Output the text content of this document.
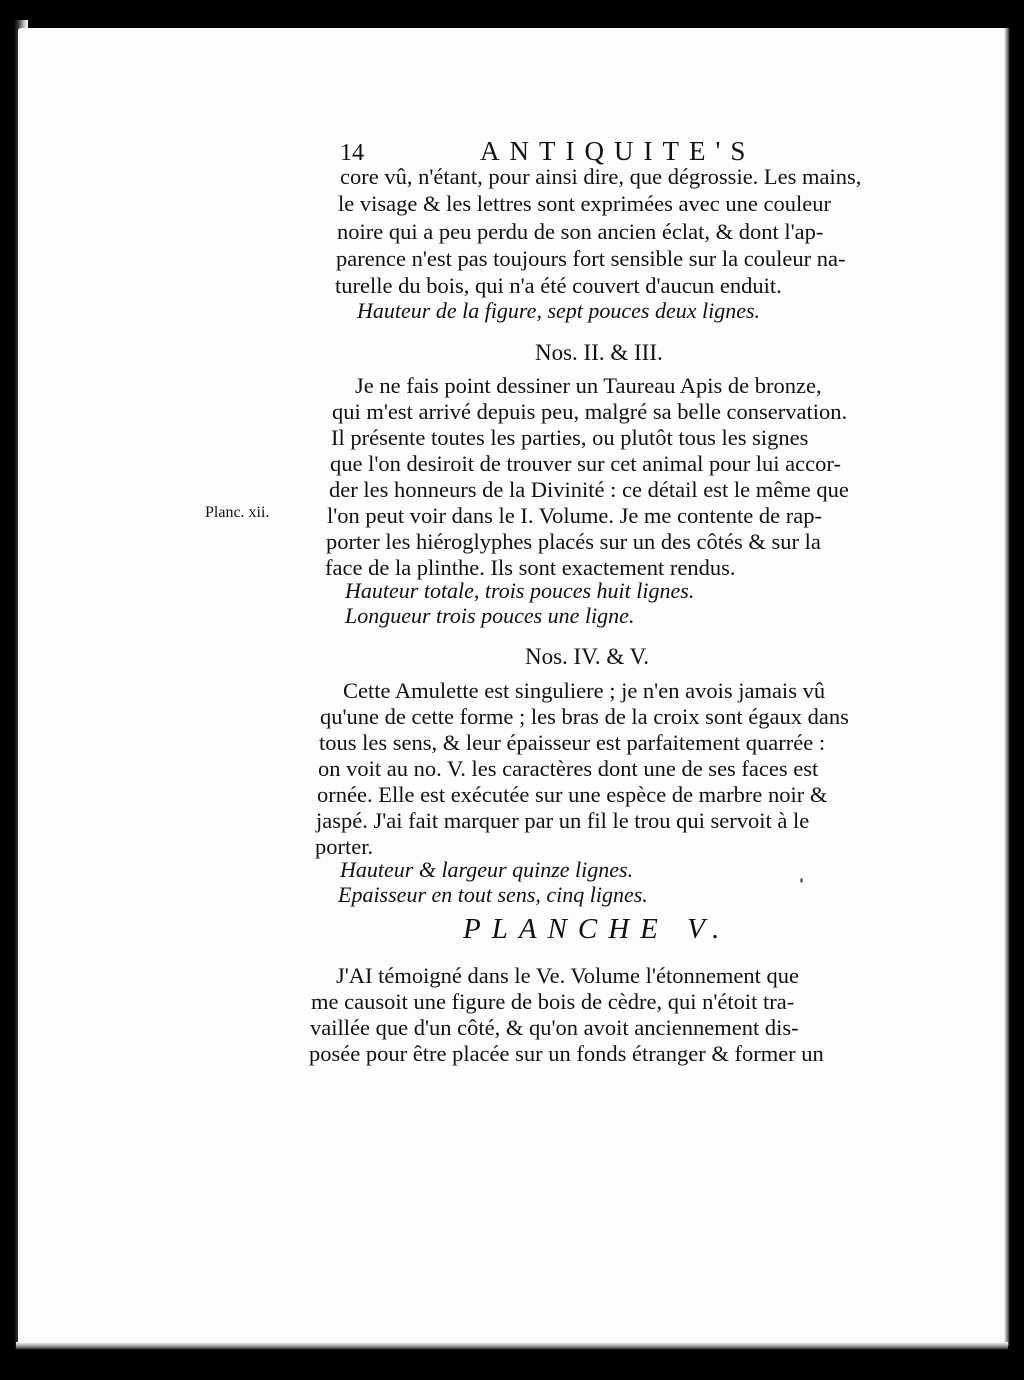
14	ANTIQUITE'S
Planc. xii.
core vû, n'étant, pour ainsi dire, que dégrossie. Les mains,
le visage & les lettres sont exprimées avec une couleur
noire qui a peu perdu de son ancien éclat, & dont l'ap-
parence n'est pas toujours fort sensible sur la couleur na-
turelle du bois, qui n'a été couvert d'aucun enduit.
Hauteur de la figure, sept pouces deux lignes.
Nos. II. & III.
Je ne fais point dessiner un Taureau Apis de bronze,
qui m'est arrivé depuis peu, malgré sa belle conservation.
Il présente toutes les parties, ou plutôt tous les signes
que l'on desiroit de trouver sur cet animal pour lui accor-
der les honneurs de la Divinité : ce détail est le même que
l'on peut voir dans le I. Volume. Je me contente de rap-
porter les hiéroglyphes placés sur un des côtés & sur la
face de la plinthe. Ils sont exactement rendus.
Hauteur totale, trois pouces huit lignes.
Longueur trois pouces une ligne.
Nos. IV. & V.
Cette Amulette est singuliere ; je n'en avois jamais vû
qu'une de cette forme ; les bras de la croix sont égaux dans
tous les sens, & leur épaisseur est parfaitement quarrée :
on voit au no. V. les caractères dont une de ses faces est
ornée. Elle est exécutée sur une espèce de marbre noir &
jaspé. J'ai fait marquer par un fil le trou qui servoit à le
porter.
Hauteur & largeur quinze lignes.
Epaisseur en tout sens, cinq lignes.
PLANCHE V.
J'AI témoigné dans le Ve. Volume l'étonnement que
me causoit une figure de bois de cèdre, qui n'étoit tra-
vaillée que d'un côté, & qu'on avoit anciennement dis-
posée pour être placée sur un fonds étranger & former un
